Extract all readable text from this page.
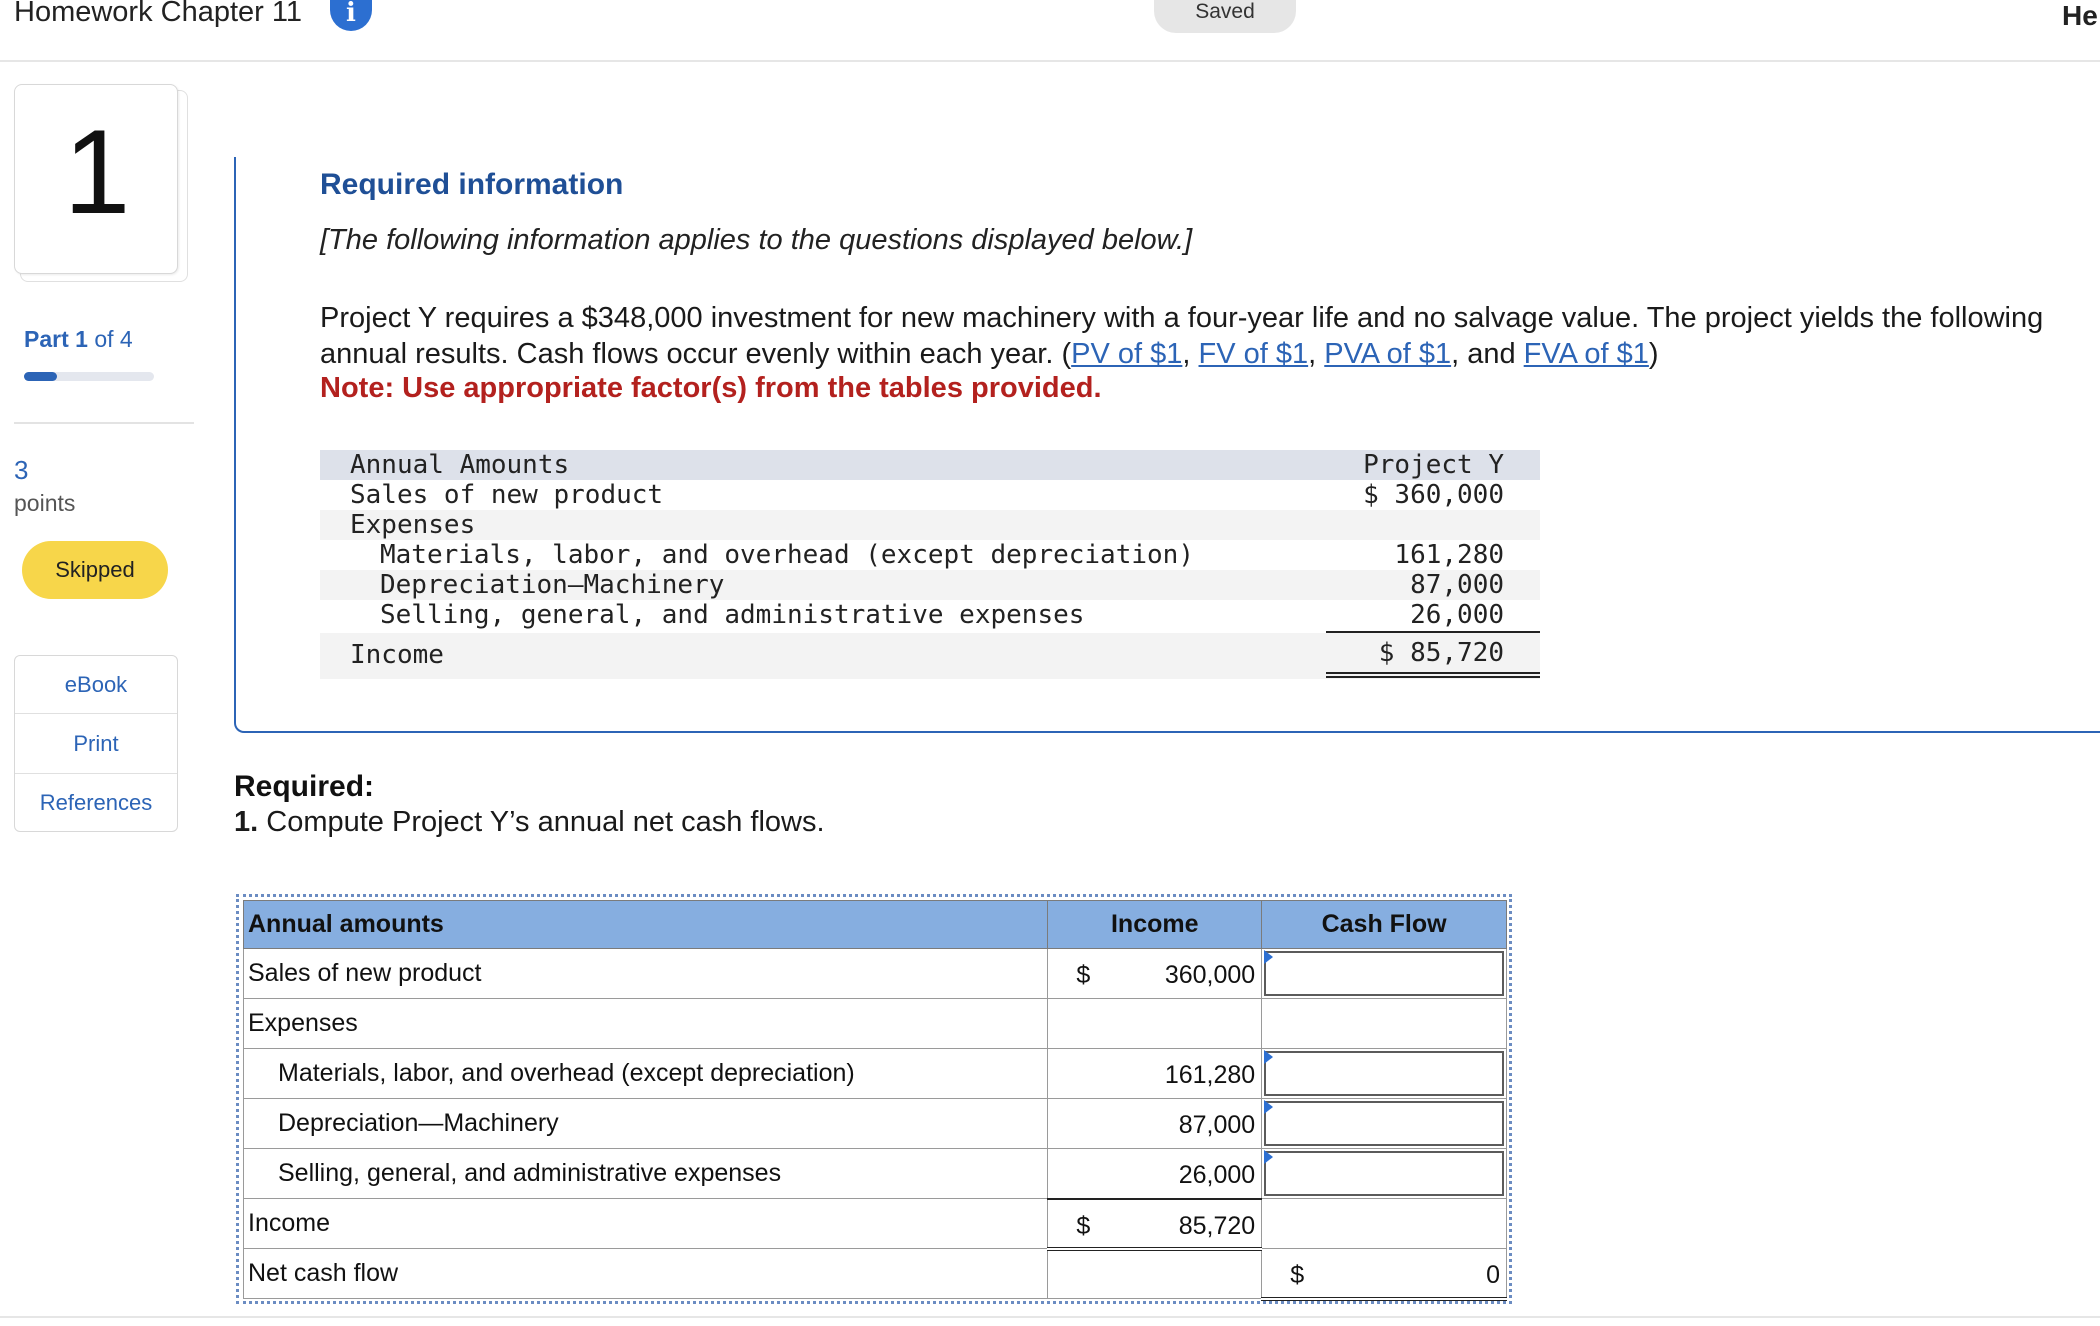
Homework Chapter 11	i	Saved	He
1
Part 1 of 4
3
points
Skipped
eBook
Print
References
Required information
[The following information applies to the questions displayed below.]
Project Y requires a $348,000 investment for new machinery with a four-year life and no salvage value. The project yields the following annual results. Cash flows occur evenly within each year. (PV of $1, FV of $1, PVA of $1, and FVA of $1)
Note: Use appropriate factor(s) from the tables provided.
Annual Amounts	Project Y
Sales of new product	$ 360,000
Expenses
Materials, labor, and overhead (except depreciation)	161,280
Depreciation—Machinery	87,000
Selling, general, and administrative expenses	26,000
Income	$ 85,720
Required:
1. Compute Project Y’s annual net cash flows.
Annual amounts	Income	Cash Flow
Sales of new product	$ 360,000

Expenses		
Materials, labor, and overhead (except depreciation)	161,280

Depreciation—Machinery	87,000

Selling, general, and administrative expenses	26,000

Income	$ 85,720	

Net cash flow		$ 0
